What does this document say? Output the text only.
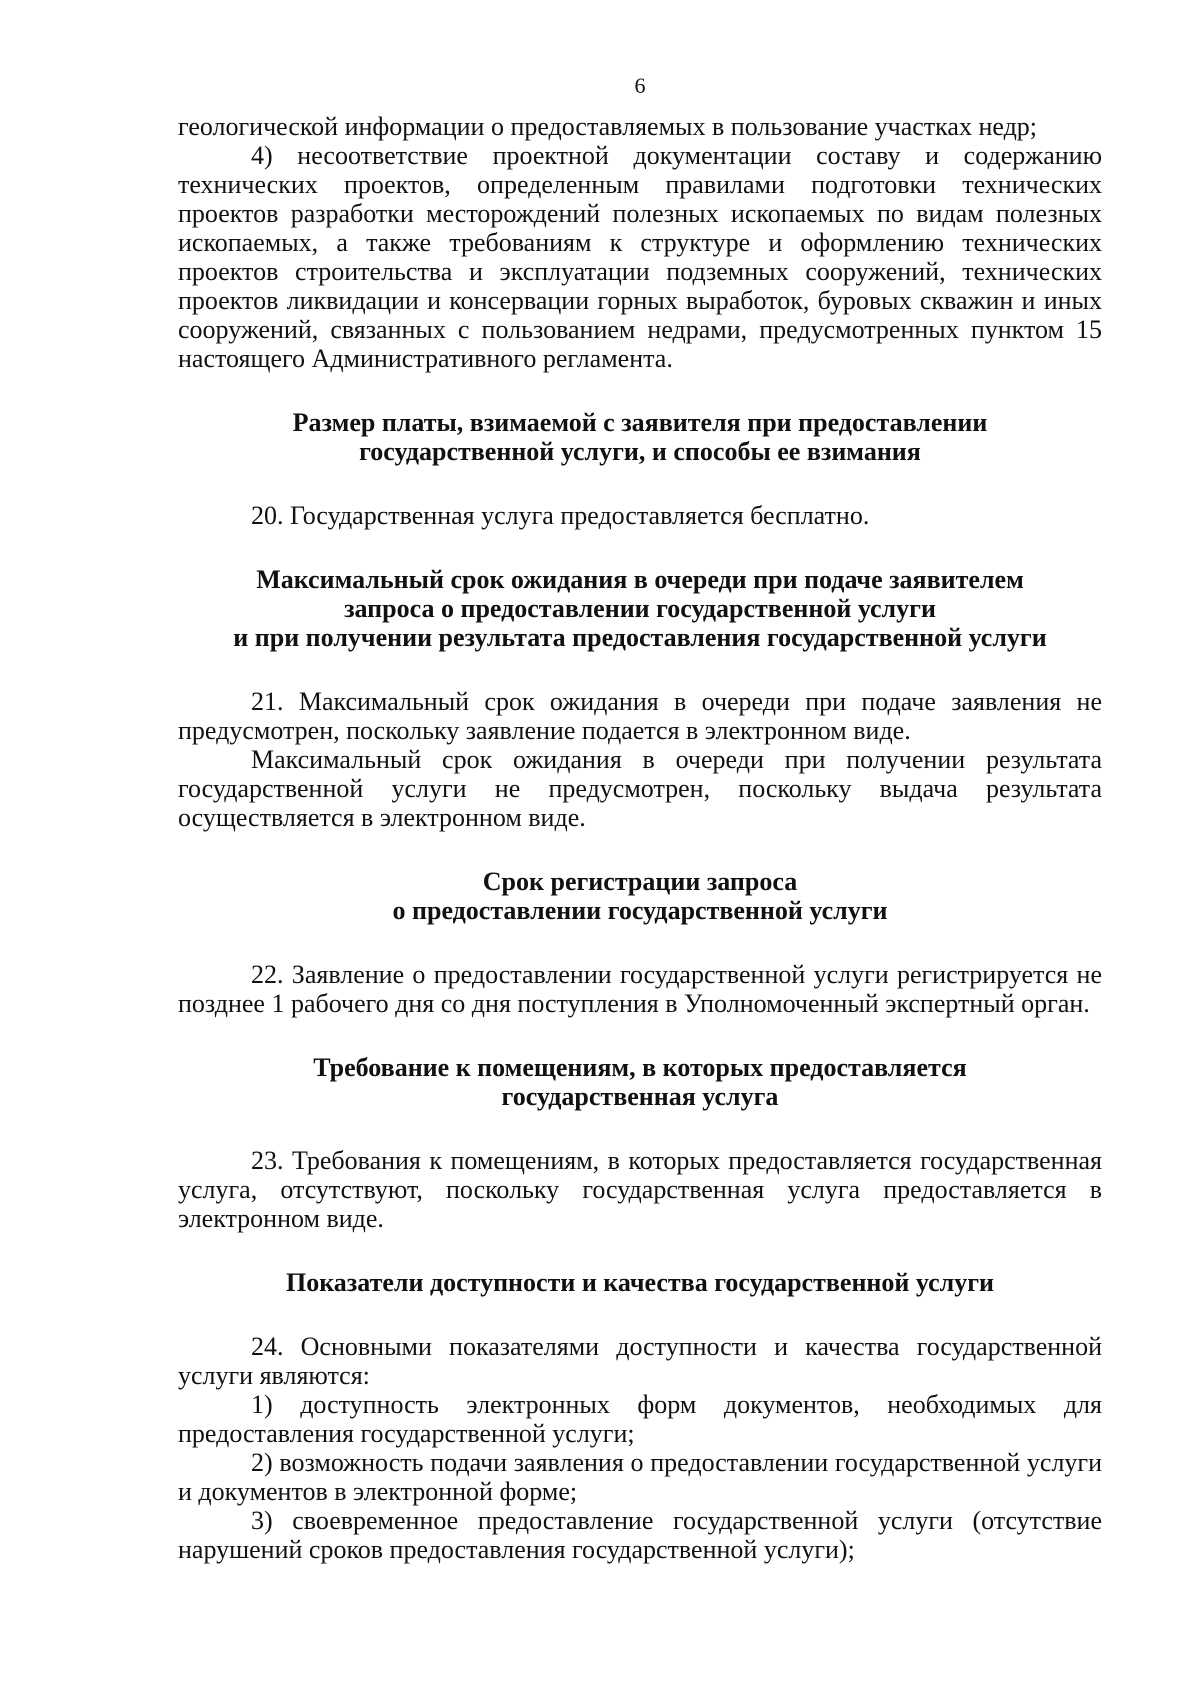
6

геологической информации о предоставляемых в пользование участках недр;

4) несоответствие проектной документации составу и содержанию технических проектов, определенным правилами подготовки технических проектов разработки месторождений полезных ископаемых по видам полезных ископаемых, а также требованиям к структуре и оформлению технических проектов строительства и эксплуатации подземных сооружений, технических проектов ликвидации и консервации горных выработок, буровых скважин и иных сооружений, связанных с пользованием недрами, предусмотренных пунктом 15 настоящего Административного регламента.

Размер платы, взимаемой с заявителя при предоставлении
государственной услуги, и способы ее взимания

20. Государственная услуга предоставляется бесплатно.

Максимальный срок ожидания в очереди при подаче заявителем
запроса о предоставлении государственной услуги
и при получении результата предоставления государственной услуги

21. Максимальный срок ожидания в очереди при подаче заявления не предусмотрен, поскольку заявление подается в электронном виде.

Максимальный срок ожидания в очереди при получении результата государственной услуги не предусмотрен, поскольку выдача результата осуществляется в электронном виде.

Срок регистрации запроса
о предоставлении государственной услуги

22. Заявление о предоставлении государственной услуги регистрируется не позднее 1 рабочего дня со дня поступления в Уполномоченный экспертный орган.

Требование к помещениям, в которых предоставляется
государственная услуга

23. Требования к помещениям, в которых предоставляется государственная услуга, отсутствуют, поскольку государственная услуга предоставляется в электронном виде.

Показатели доступности и качества государственной услуги

24. Основными показателями доступности и качества государственной услуги являются:

1) доступность электронных форм документов, необходимых для предоставления государственной услуги;

2) возможность подачи заявления о предоставлении государственной услуги и документов в электронной форме;

3) своевременное предоставление государственной услуги (отсутствие нарушений сроков предоставления государственной услуги);
